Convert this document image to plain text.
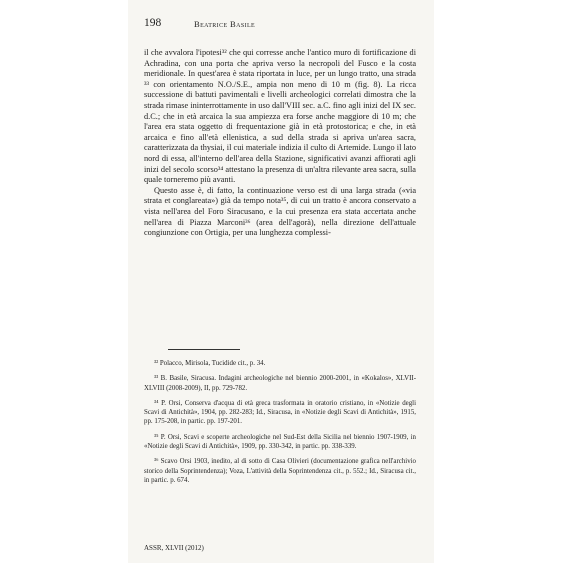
198	Beatrice Basile

il che avvalora l'ipotesi³² che qui corresse anche l'antico muro di fortificazione di Achradina, con una porta che apriva verso la necropoli del Fusco e la costa meridionale. In quest'area è stata riportata in luce, per un lungo tratto, una strada ³³ con orientamento N.O./S.E., ampia non meno di 10 m (fig. 8). La ricca successione di battuti pavimentali e livelli archeologici correlati dimostra che la strada rimase ininterrottamente in uso dall'VIII sec. a.C. fino agli inizi del IX sec. d.C.; che in età arcaica la sua ampiezza era forse anche maggiore di 10 m; che l'area era stata oggetto di frequentazione già in età protostorica; e che, in età arcaica e fino all'età ellenistica, a sud della strada si apriva un'area sacra, caratterizzata da thysiai, il cui materiale indizia il culto di Artemide. Lungo il lato nord di essa, all'interno dell'area della Stazione, significativi avanzi affiorati agli inizi del secolo scorso³⁴ attestano la presenza di un'altra rilevante area sacra, sulla quale torneremo più avanti.

Questo asse è, di fatto, la continuazione verso est di una larga strada («via strata et conglareata») già da tempo nota³⁵, di cui un tratto è ancora conservato a vista nell'area del Foro Siracusano, e la cui presenza era stata accertata anche nell'area di Piazza Marconi³⁶ (area dell'agorà), nella direzione dell'attuale congiunzione con Ortigia, per una lunghezza complessi-

³² Polacco, Mirisola, Tucidide cit., p. 34.

³³ B. Basile, Siracusa. Indagini archeologiche nel biennio 2000-2001, in «Kokalos», XLVII-XLVIII (2008-2009), II, pp. 729-782.

³⁴ P. Orsi, Conserva d'acqua di età greca trasformata in oratorio cristiano, in «Notizie degli Scavi di Antichità», 1904, pp. 282-283; Id., Siracusa, in «Notizie degli Scavi di Antichità», 1915, pp. 175-208, in partic. pp. 197-201.

³⁵ P. Orsi, Scavi e scoperte archeologiche nel Sud-Est della Sicilia nel biennio 1907-1909, in «Notizie degli Scavi di Antichità», 1909, pp. 330-342, in partic. pp. 338-339.

³⁶ Scavo Orsi 1903, inedito, al di sotto di Casa Olivieri (documentazione grafica nell'archivio storico della Soprintendenza); Voza, L'attività della Soprintendenza cit., p. 552.; Id., Siracusa cit., in partic. p. 674.

ASSR, XLVII (2012)
